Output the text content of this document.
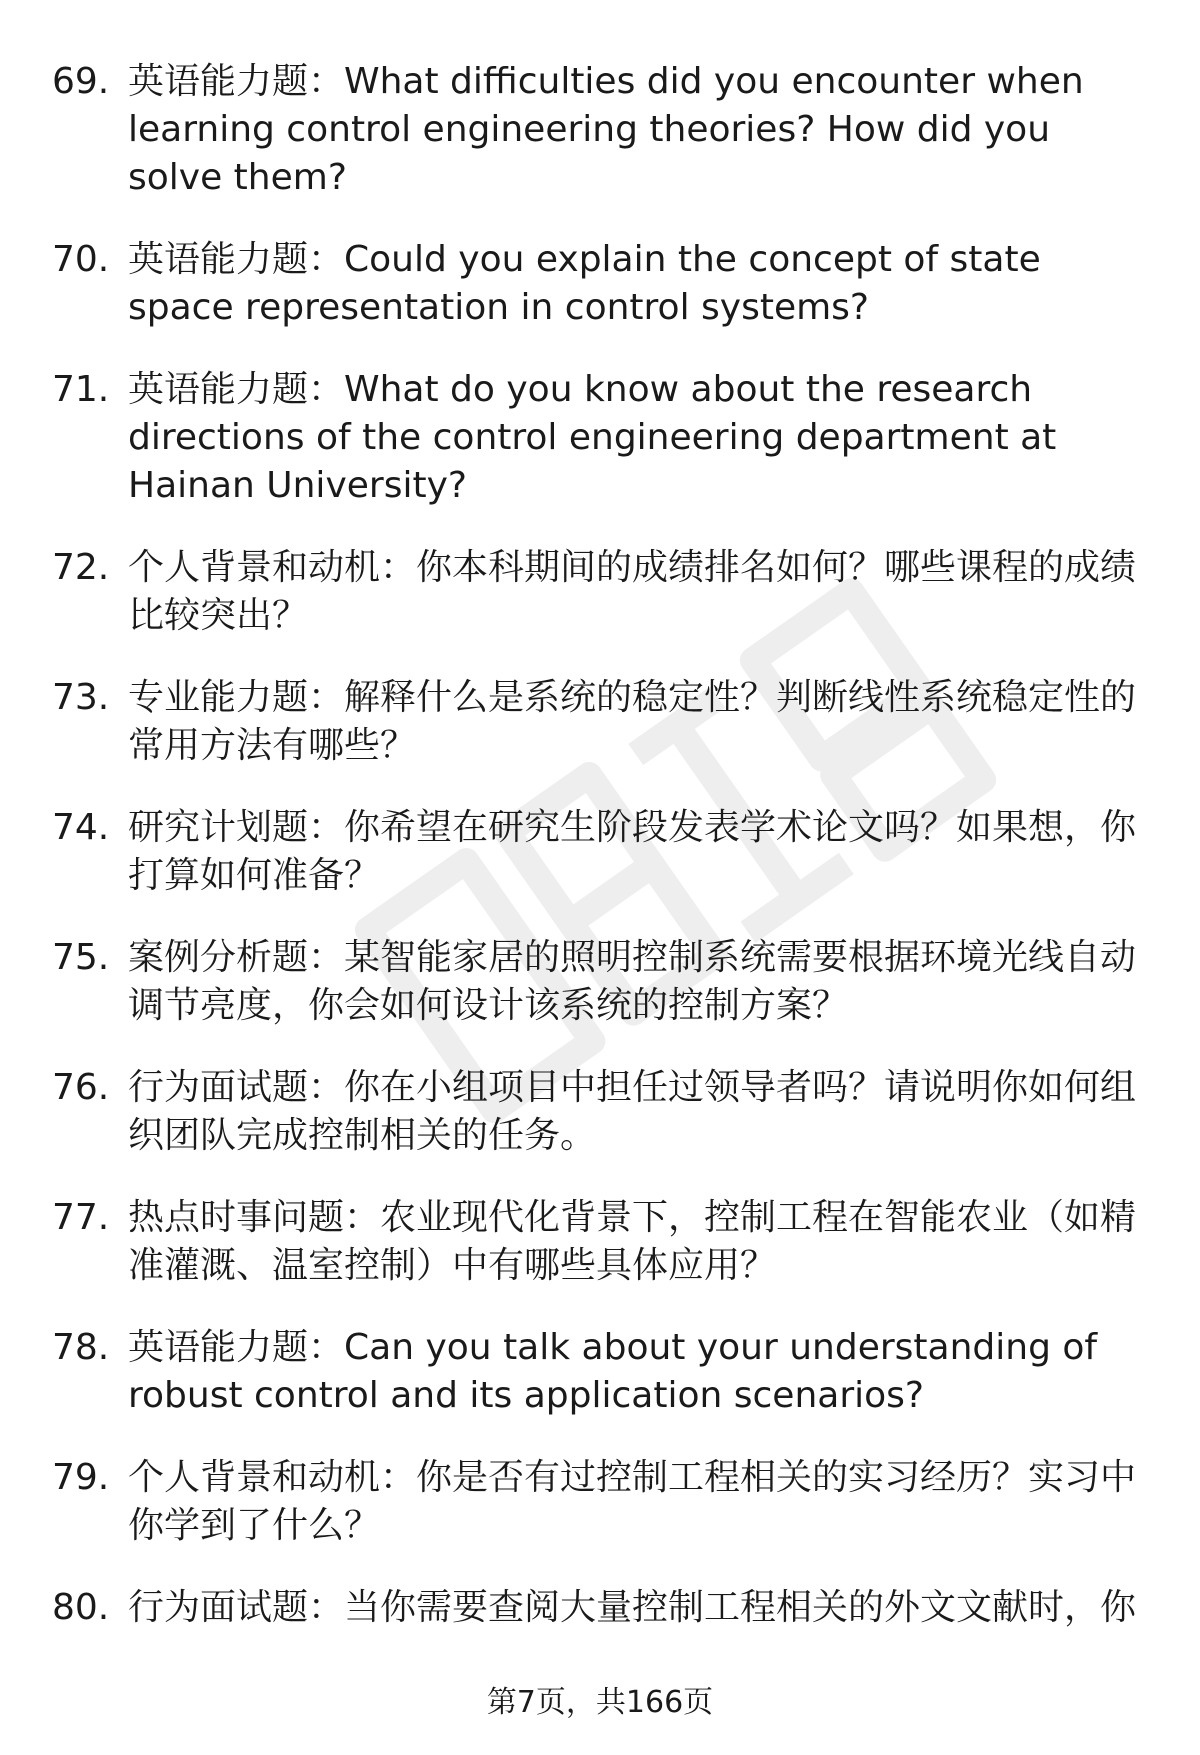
69. 英语能力题：What difficulties did you encounter when learning control engineering theories? How did you solve them?
70. 英语能力题：Could you explain the concept of state space representation in control systems?
71. 英语能力题：What do you know about the research directions of the control engineering department at Hainan University?
72. 个人背景和动机：你本科期间的成绩排名如何？哪些课程的成绩比较突出？
73. 专业能力题：解释什么是系统的稳定性？判断线性系统稳定性的常用方法有哪些？
74. 研究计划题：你希望在研究生阶段发表学术论文吗？如果想，你打算如何准备？
75. 案例分析题：某智能家居的照明控制系统需要根据环境光线自动调节亮度，你会如何设计该系统的控制方案？
76. 行为面试题：你在小组项目中担任过领导者吗？请说明你如何组织团队完成控制相关的任务。
77. 热点时事问题：农业现代化背景下，控制工程在智能农业（如精准灌溉、温室控制）中有哪些具体应用？
78. 英语能力题：Can you talk about your understanding of robust control and its application scenarios?
79. 个人背景和动机：你是否有过控制工程相关的实习经历？实习中你学到了什么？
80. 行为面试题：当你需要查阅大量控制工程相关的外文文献时，你
第7页，共166页
